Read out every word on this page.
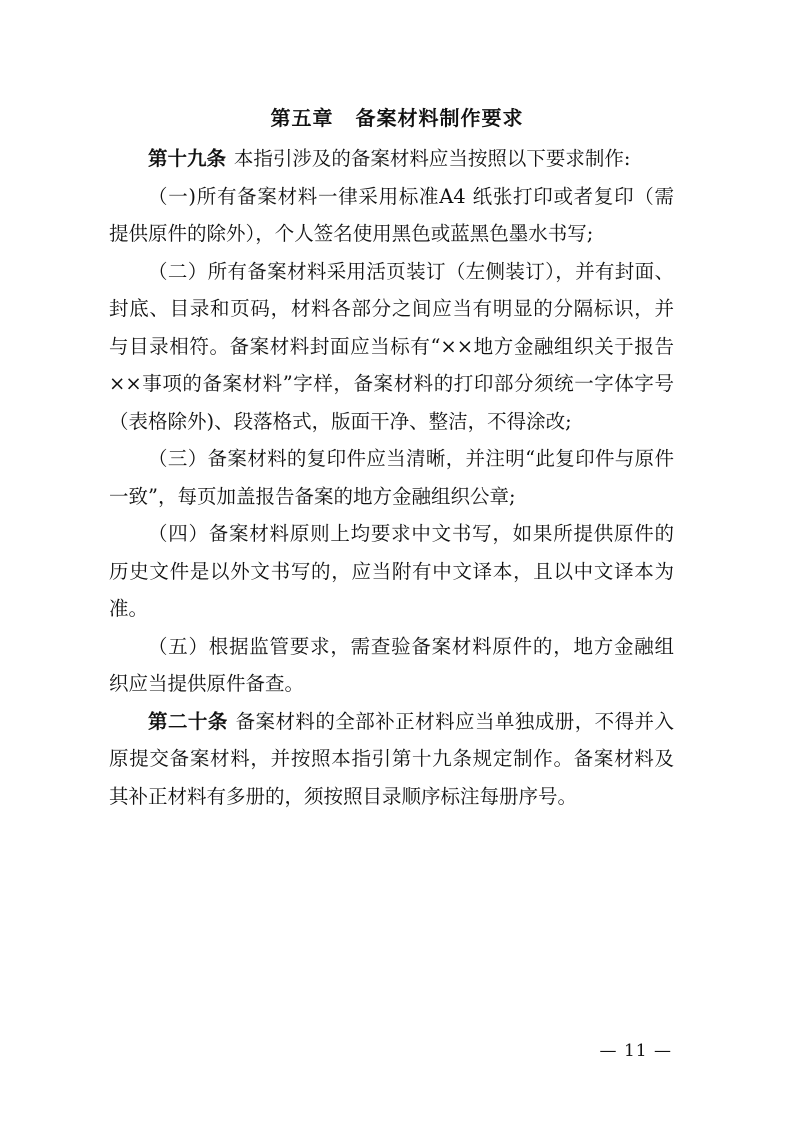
第五章 备案材料制作要求

第十九条 本指引涉及的备案材料应当按照以下要求制作:

（一)所有备案材料一律采用标准A4 纸张打印或者复印（需提供原件的除外），个人签名使用黑色或蓝黑色墨水书写;

（二）所有备案材料采用活页装订（左侧装订），并有封面、封底、目录和页码，材料各部分之间应当有明显的分隔标识，并与目录相符。备案材料封面应当标有“××地方金融组织关于报告××事项的备案材料”字样，备案材料的打印部分须统一字体字号（表格除外)、段落格式，版面干净、整洁，不得涂改;

（三）备案材料的复印件应当清晰，并注明“此复印件与原件一致”，每页加盖报告备案的地方金融组织公章;

（四）备案材料原则上均要求中文书写，如果所提供原件的历史文件是以外文书写的，应当附有中文译本，且以中文译本为准。

（五）根据监管要求，需查验备案材料原件的，地方金融组织应当提供原件备查。

第二十条 备案材料的全部补正材料应当单独成册，不得并入原提交备案材料，并按照本指引第十九条规定制作。备案材料及其补正材料有多册的，须按照目录顺序标注每册序号。

— 11 —
